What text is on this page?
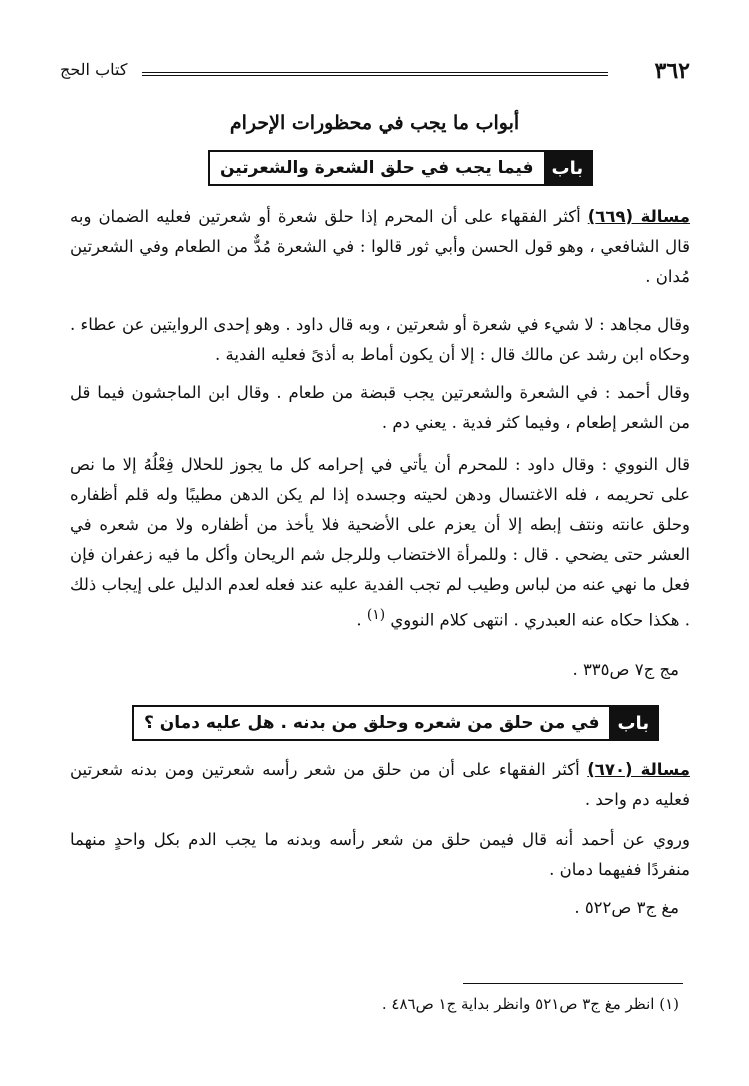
٣٦٢
كتاب الحج
أبواب ما يجب في محظورات الإحرام
باب
فيما يجب في حلق الشعرة والشعرتين
مسالة (٦٦٩) أكثر الفقهاء على أن المحرم إذا حلق شعرة أو شعرتين فعليه الضمان وبه قال الشافعي ، وهو قول الحسن وأبي ثور قالوا : في الشعرة مُدٌّ من الطعام وفي الشعرتين مُدان .
وقال مجاهد : لا شيء في شعرة أو شعرتين ، وبه قال داود . وهو إحدى الروايتين عن عطاء . وحكاه ابن رشد عن مالك قال : إلا أن يكون أماط به أذىً فعليه الفدية .
وقال أحمد : في الشعرة والشعرتين يجب قبضة من طعام . وقال ابن الماجشون فيما قل من الشعر إطعام ، وفيما كثر فدية . يعني دم .
قال النووي : وقال داود : للمحرم أن يأتي في إحرامه كل ما يجوز للحلال فِعْلُهُ إلا ما نص على تحريمه ، فله الاغتسال ودهن لحيته وجسده إذا لم يكن الدهن مطيبًا وله قلم أظفاره وحلق عانته ونتف إبطه إلا أن يعزم على الأضحية فلا يأخذ من أظفاره ولا من شعره في العشر حتى يضحي . قال : وللمرأة الاختضاب وللرجل شم الريحان وأكل ما فيه زعفران فإن فعل ما نهي عنه من لباس وطيب لم تجب الفدية عليه عند فعله لعدم الدليل على إيجاب ذلك . هكذا حكاه عنه العبدري . انتهى كلام النووي $^{(١)}$ .
مج ج٧ ص٣٣٥ .
باب
في من حلق من شعره وحلق من بدنه . هل عليه دمان ؟
مسالة (٦٧٠) أكثر الفقهاء على أن من حلق من شعر رأسه شعرتين ومن بدنه شعرتين فعليه دم واحد .
وروي عن أحمد أنه قال فيمن حلق من شعر رأسه وبدنه ما يجب الدم بكل واحدٍ منهما منفردًا ففيهما دمان .
مغ ج٣ ص٥٢٢ .
(١) انظر مغ ج٣ ص٥٢١ وانظر بداية ج١ ص٤٨٦ .
